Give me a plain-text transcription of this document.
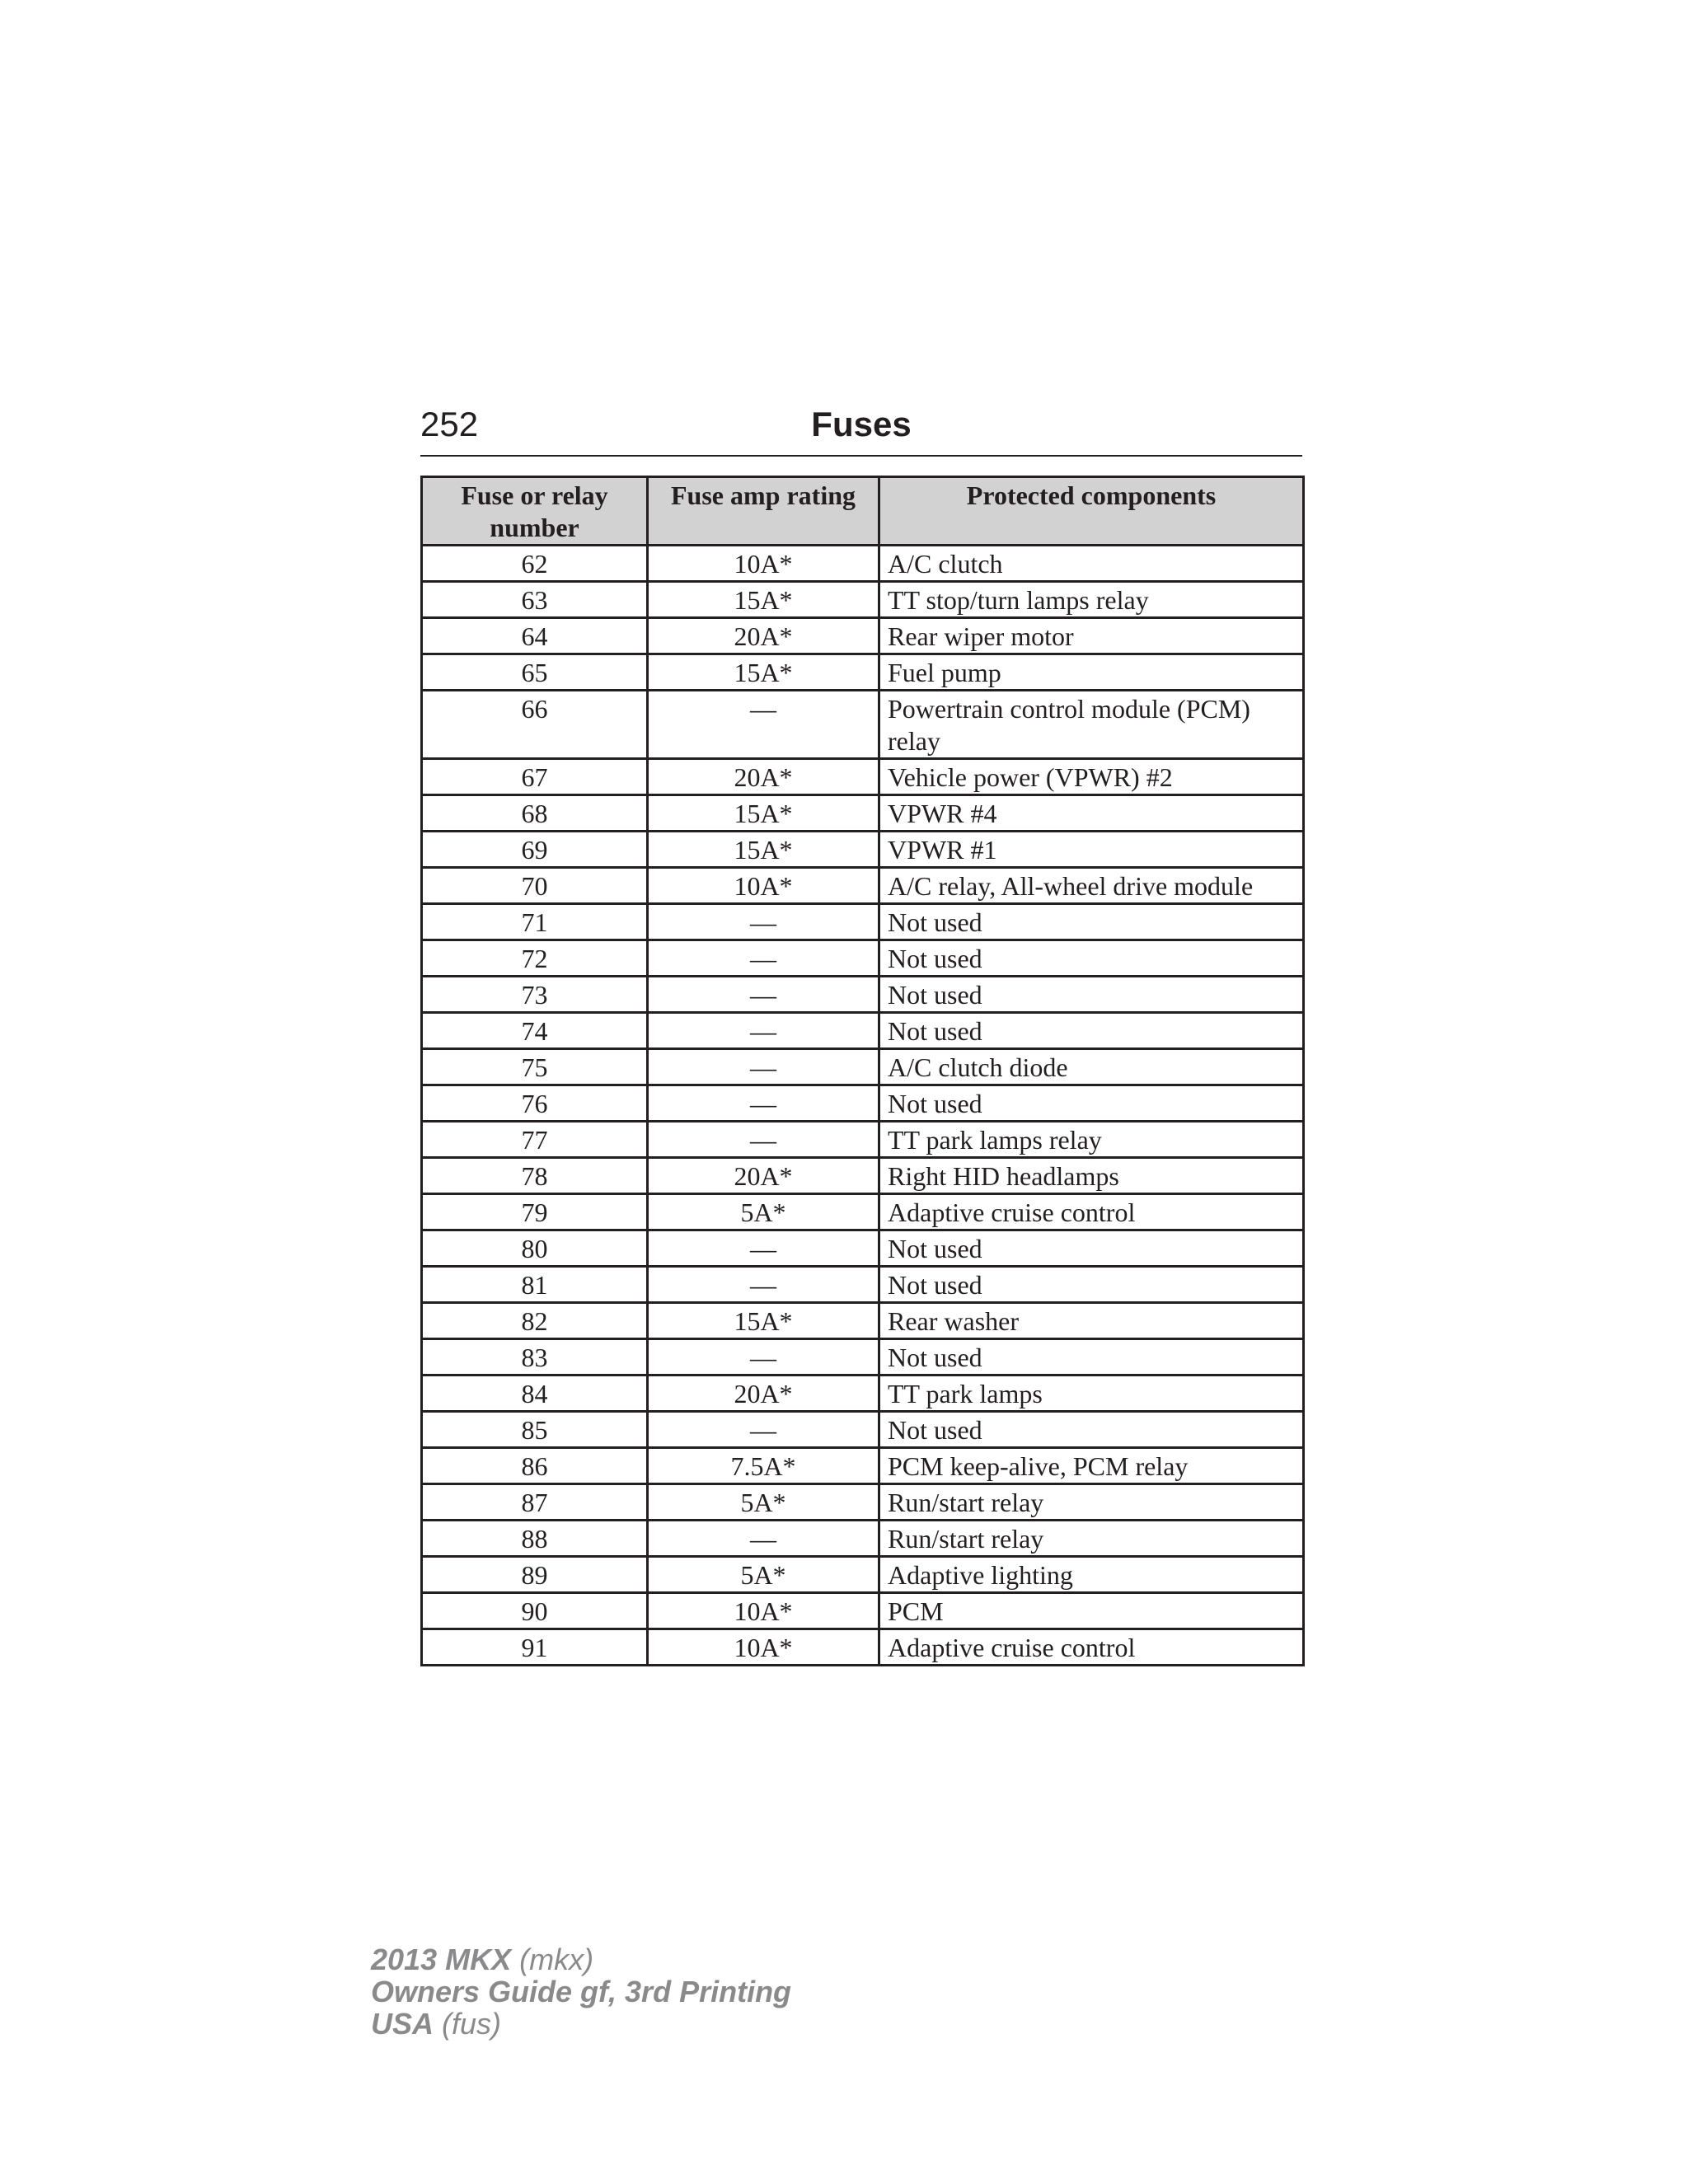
252	Fuses
Fuse or relay number	Fuse amp rating	Protected components
62	10A*	A/C clutch
63	15A*	TT stop/turn lamps relay
64	20A*	Rear wiper motor
65	15A*	Fuel pump
66	—	Powertrain control module (PCM) relay
67	20A*	Vehicle power (VPWR) #2
68	15A*	VPWR #4
69	15A*	VPWR #1
70	10A*	A/C relay, All-wheel drive module
71	—	Not used
72	—	Not used
73	—	Not used
74	—	Not used
75	—	A/C clutch diode
76	—	Not used
77	—	TT park lamps relay
78	20A*	Right HID headlamps
79	5A*	Adaptive cruise control
80	—	Not used
81	—	Not used
82	15A*	Rear washer
83	—	Not used
84	20A*	TT park lamps
85	—	Not used
86	7.5A*	PCM keep-alive, PCM relay
87	5A*	Run/start relay
88	—	Run/start relay
89	5A*	Adaptive lighting
90	10A*	PCM
91	10A*	Adaptive cruise control
2013 MKX (mkx)
Owners Guide gf, 3rd Printing
USA (fus)
